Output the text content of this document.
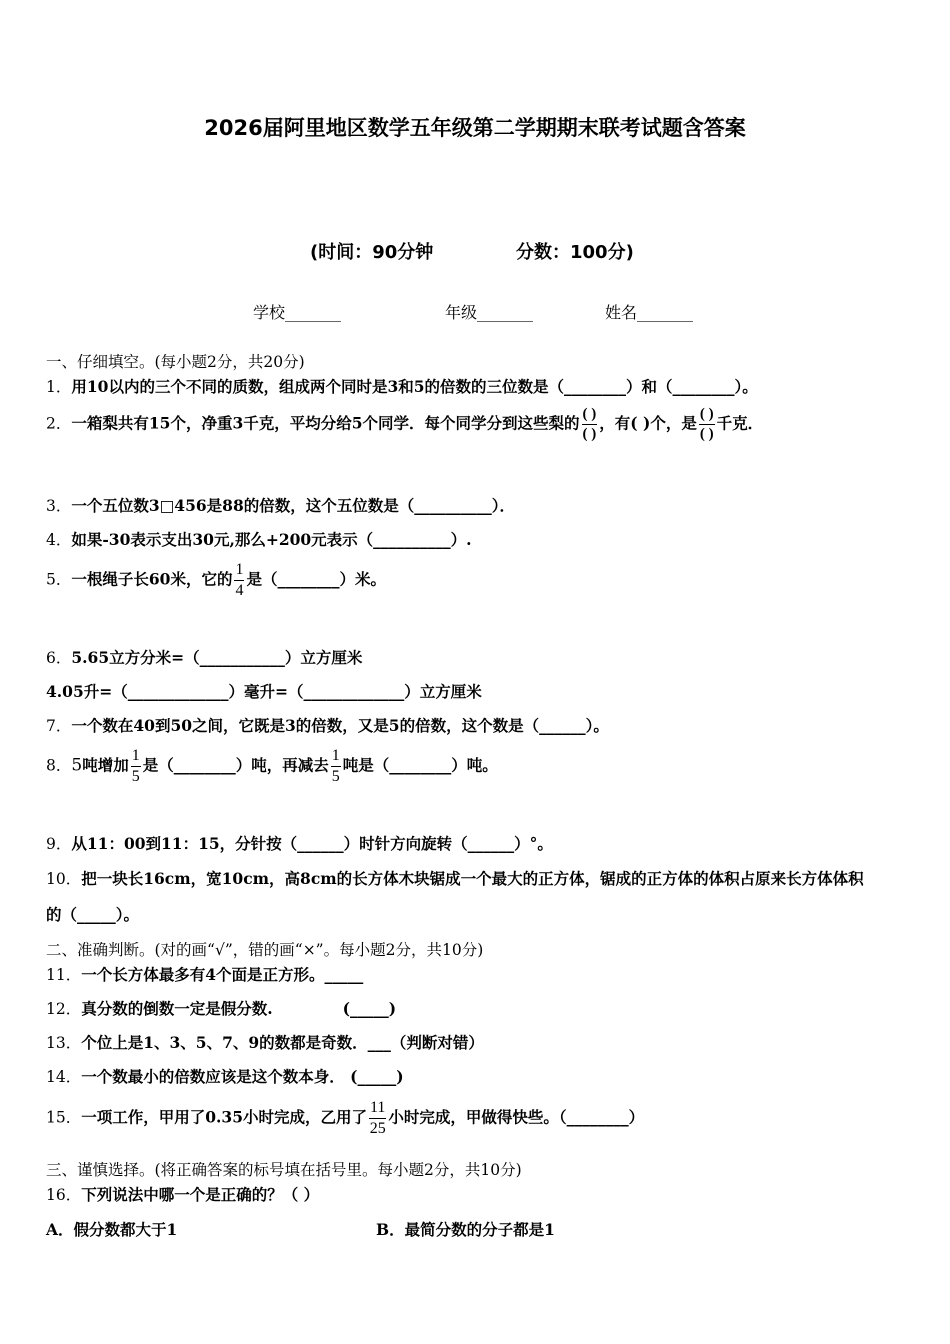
2026届阿里地区数学五年级第二学期期末联考试题含答案
(时间：90分钟	分数：100分)
学校_______	年级_______	姓名_______
一、仔细填空。(每小题2分，共20分)
1．用10以内的三个不同的质数，组成两个同时是3和5的倍数的三位数是（________）和（________）。
2．一箱梨共有15个，净重3千克，平均分给5个同学．每个同学分到这些梨的 $\frac{( )}{( )}$ ，有( )个，是 $\frac{( )}{( )}$ 千克．
3．一个五位数3□456是88的倍数，这个五位数是（__________）．
4．如果-30表示支出30元,那么+200元表示（__________）.
5．一根绳子长60米，它的 $\frac{1}{4}$ 是（________）米。
6．5.65立方分米=（___________）立方厘米
4.05升=（_____________）毫升=（_____________）立方厘米
7．一个数在40到50之间，它既是3的倍数，又是5的倍数，这个数是（______）。
8．5吨增加 $\frac{1}{5}$ 是（________）吨，再减去 $\frac{1}{5}$ 吨是（________）吨。
9．从11：00到11：15，分针按（______）时针方向旋转（______）°。
10．把一块长16cm，宽10cm，高8cm的长方体木块锯成一个最大的正方体，锯成的正方体的体积占原来长方体体积
的（_____）。
二、准确判断。(对的画“√”，错的画“×”。每小题2分，共10分)
11．一个长方体最多有4个面是正方形。_____
12．真分数的倒数一定是假分数.	(_____)
13．个位上是1、3、5、7、9的数都是奇数．___（判断对错）
14．一个数最小的倍数应该是这个数本身． (_____)
15．一项工作，甲用了0.35小时完成，乙用了 $\frac{11}{25}$ 小时完成，甲做得快些。（________）
三、谨慎选择。(将正确答案的标号填在括号里。每小题2分，共10分)
16．下列说法中哪一个是正确的？（ ）
A．假分数都大于1	B．最简分数的分子都是1
